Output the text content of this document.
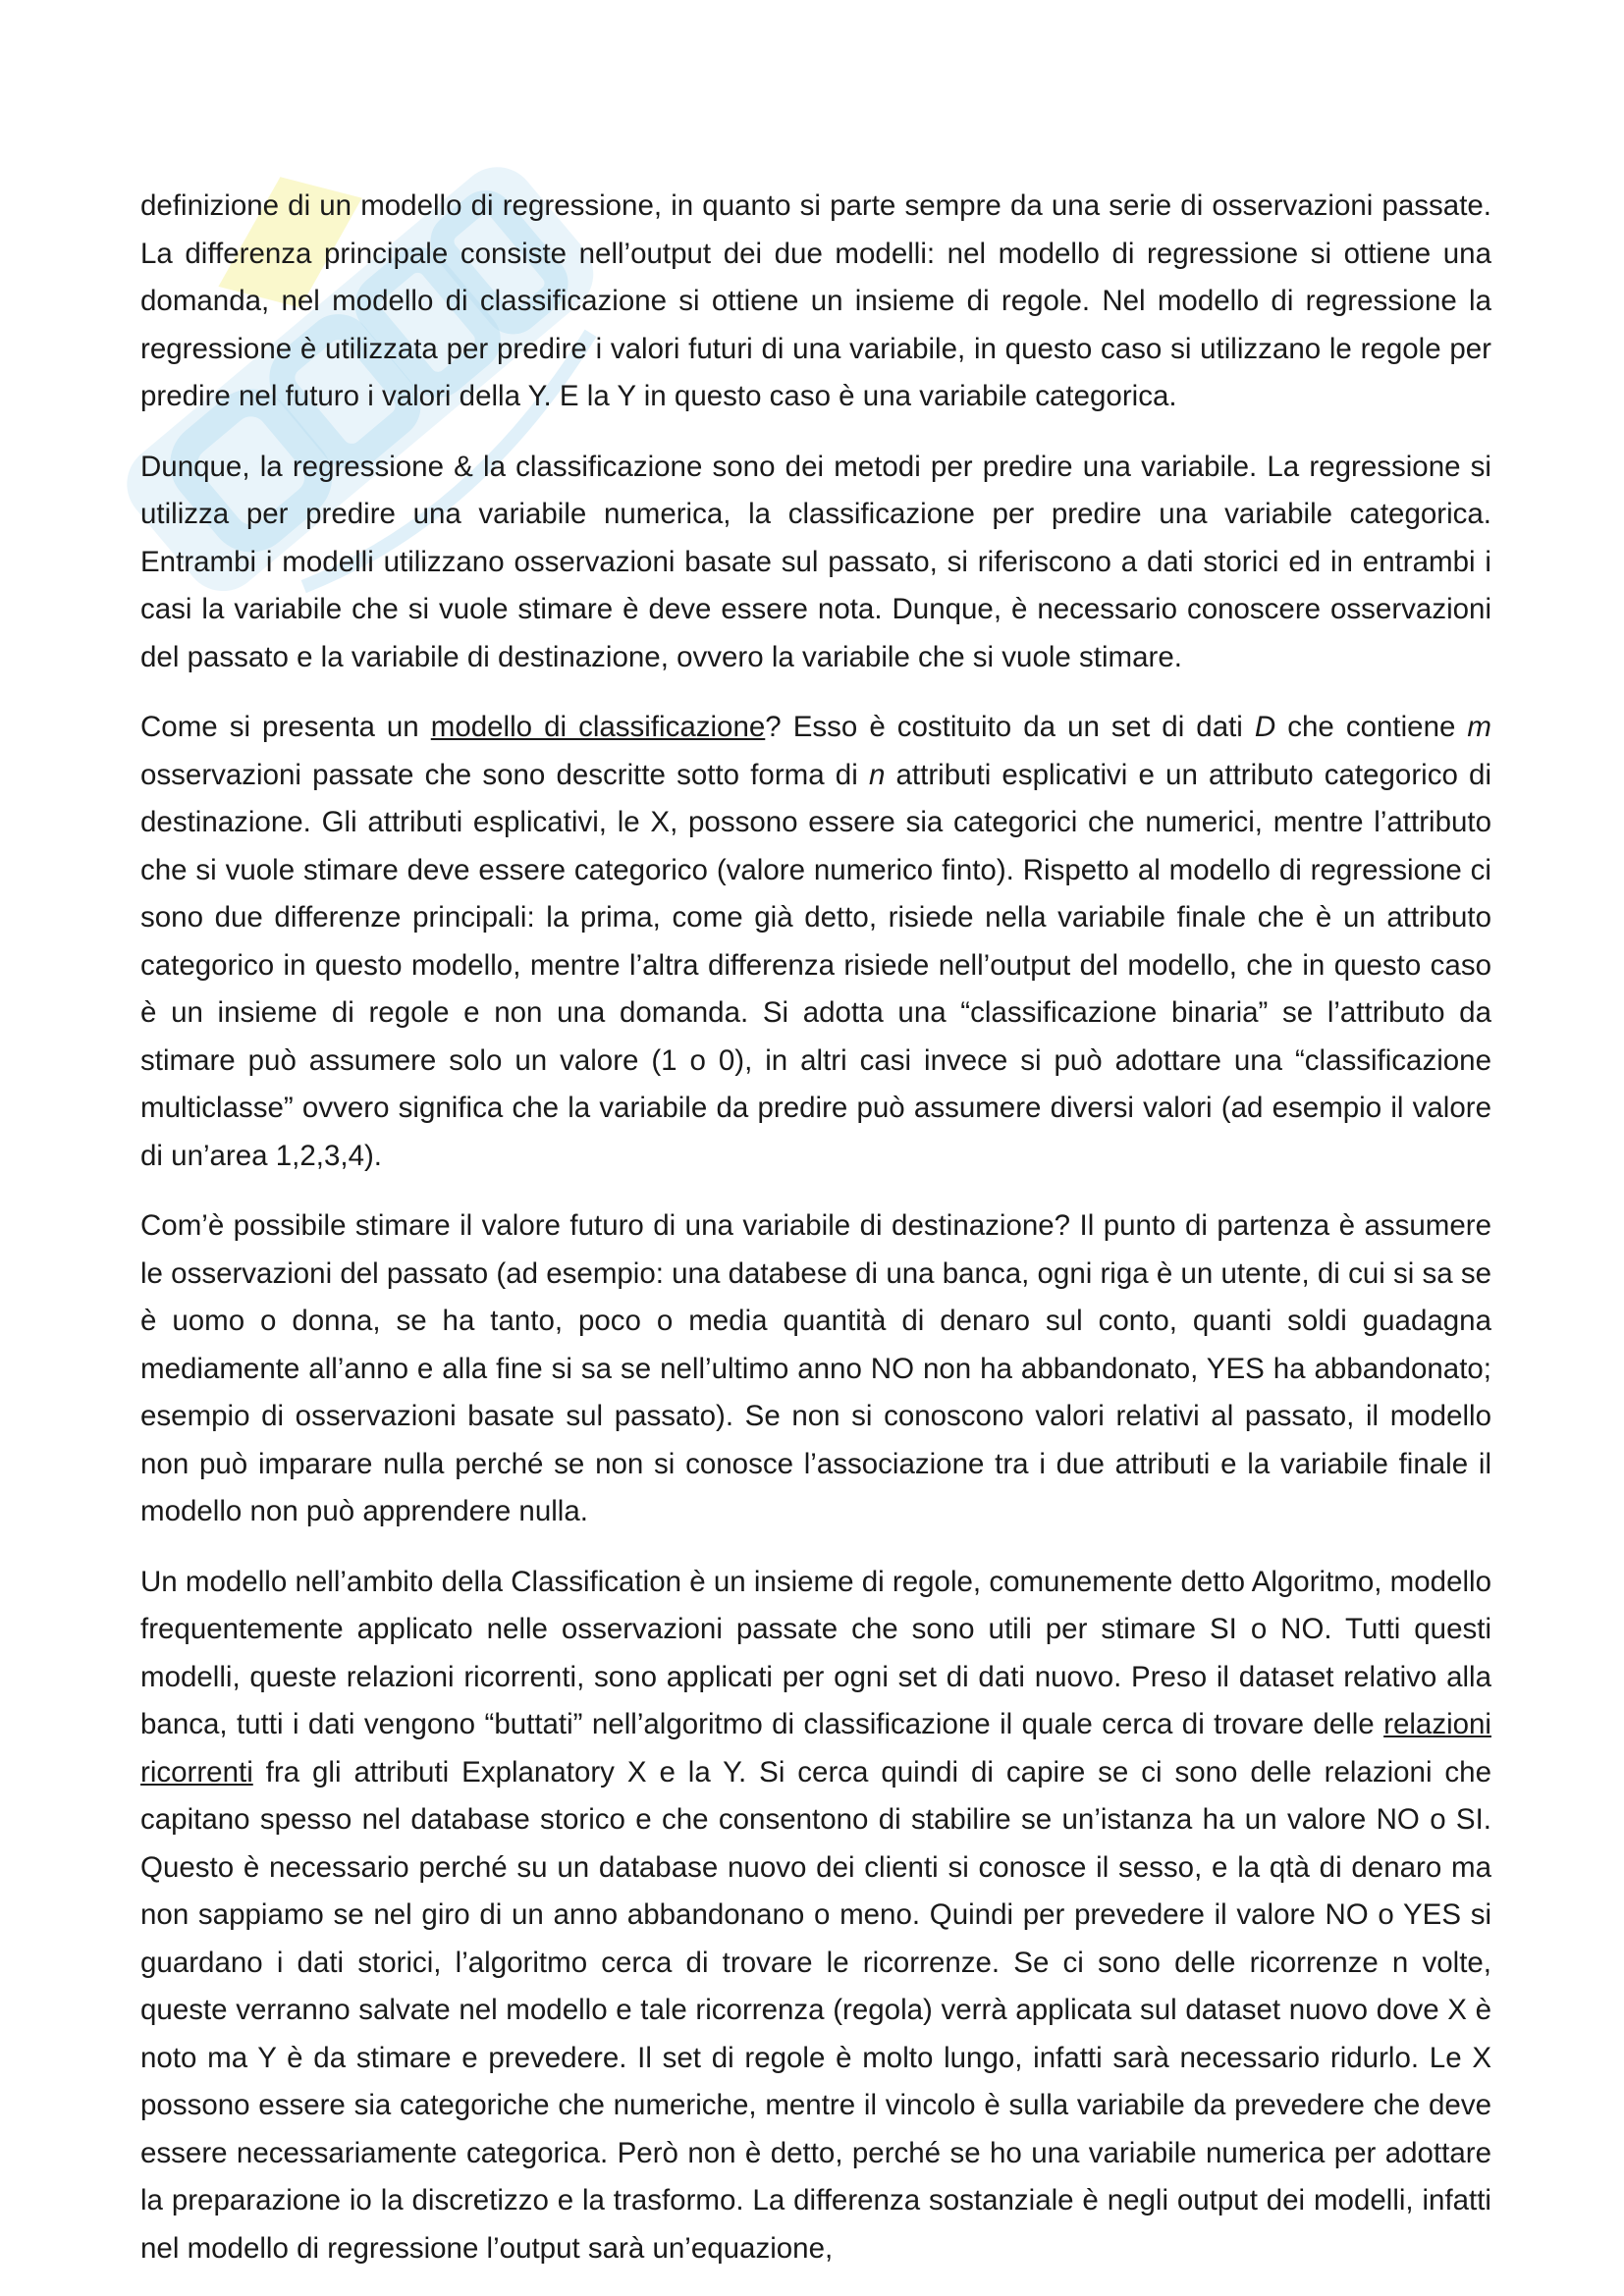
definizione di un modello di regressione, in quanto si parte sempre da una serie di osservazioni passate. La differenza principale consiste nell’output dei due modelli: nel modello di regressione si ottiene una domanda, nel modello di classificazione si ottiene un insieme di regole. Nel modello di regressione la regressione è utilizzata per predire i valori futuri di una variabile, in questo caso si utilizzano le regole per predire nel futuro i valori della Y. E la Y in questo caso è una variabile categorica.

Dunque, la regressione & la classificazione sono dei metodi per predire una variabile. La regressione si utilizza per predire una variabile numerica, la classificazione per predire una variabile categorica. Entrambi i modelli utilizzano osservazioni basate sul passato, si riferiscono a dati storici ed in entrambi i casi la variabile che si vuole stimare è deve essere nota. Dunque, è necessario conoscere osservazioni del passato e la variabile di destinazione, ovvero la variabile che si vuole stimare.

Come si presenta un modello di classificazione? Esso è costituito da un set di dati D che contiene m osservazioni passate che sono descritte sotto forma di n attributi esplicativi e un attributo categorico di destinazione. Gli attributi esplicativi, le X, possono essere sia categorici che numerici, mentre l’attributo che si vuole stimare deve essere categorico (valore numerico finto). Rispetto al modello di regressione ci sono due differenze principali: la prima, come già detto, risiede nella variabile finale che è un attributo categorico in questo modello, mentre l’altra differenza risiede nell’output del modello, che in questo caso è un insieme di regole e non una domanda. Si adotta una “classificazione binaria” se l’attributo da stimare può assumere solo un valore (1 o 0), in altri casi invece si può adottare una “classificazione multiclasse” ovvero significa che la variabile da predire può assumere diversi valori (ad esempio il valore di un’area 1,2,3,4).

Com’è possibile stimare il valore futuro di una variabile di destinazione? Il punto di partenza è assumere le osservazioni del passato (ad esempio: una databese di una banca, ogni riga è un utente, di cui si sa se è uomo o donna, se ha tanto, poco o media quantità di denaro sul conto, quanti soldi guadagna mediamente all’anno e alla fine si sa se nell’ultimo anno NO non ha abbandonato, YES ha abbandonato; esempio di osservazioni basate sul passato). Se non si conoscono valori relativi al passato, il modello non può imparare nulla perché se non si conosce l’associazione tra i due attributi e la variabile finale il modello non può apprendere nulla.

Un modello nell’ambito della Classification è un insieme di regole, comunemente detto Algoritmo, modello frequentemente applicato nelle osservazioni passate che sono utili per stimare SI o NO. Tutti questi modelli, queste relazioni ricorrenti, sono applicati per ogni set di dati nuovo. Preso il dataset relativo alla banca, tutti i dati vengono “buttati” nell’algoritmo di classificazione il quale cerca di trovare delle relazioni ricorrenti fra gli attributi Explanatory X e la Y. Si cerca quindi di capire se ci sono delle relazioni che capitano spesso nel database storico e che consentono di stabilire se un’istanza ha un valore NO o SI. Questo è necessario perché su un database nuovo dei clienti si conosce il sesso, e la qtà di denaro ma non sappiamo se nel giro di un anno abbandonano o meno. Quindi per prevedere il valore NO o YES si guardano i dati storici, l’algoritmo cerca di trovare le ricorrenze. Se ci sono delle ricorrenze n volte, queste verranno salvate nel modello e tale ricorrenza (regola) verrà applicata sul dataset nuovo dove X è noto ma Y è da stimare e prevedere. Il set di regole è molto lungo, infatti sarà necessario ridurlo. Le X possono essere sia categoriche che numeriche, mentre il vincolo è sulla variabile da prevedere che deve essere necessariamente categorica. Però non è detto, perché se ho una variabile numerica per adottare la preparazione io la discretizzo e la trasformo. La differenza sostanziale è negli output dei modelli, infatti nel modello di regressione l’output sarà un’equazione,
